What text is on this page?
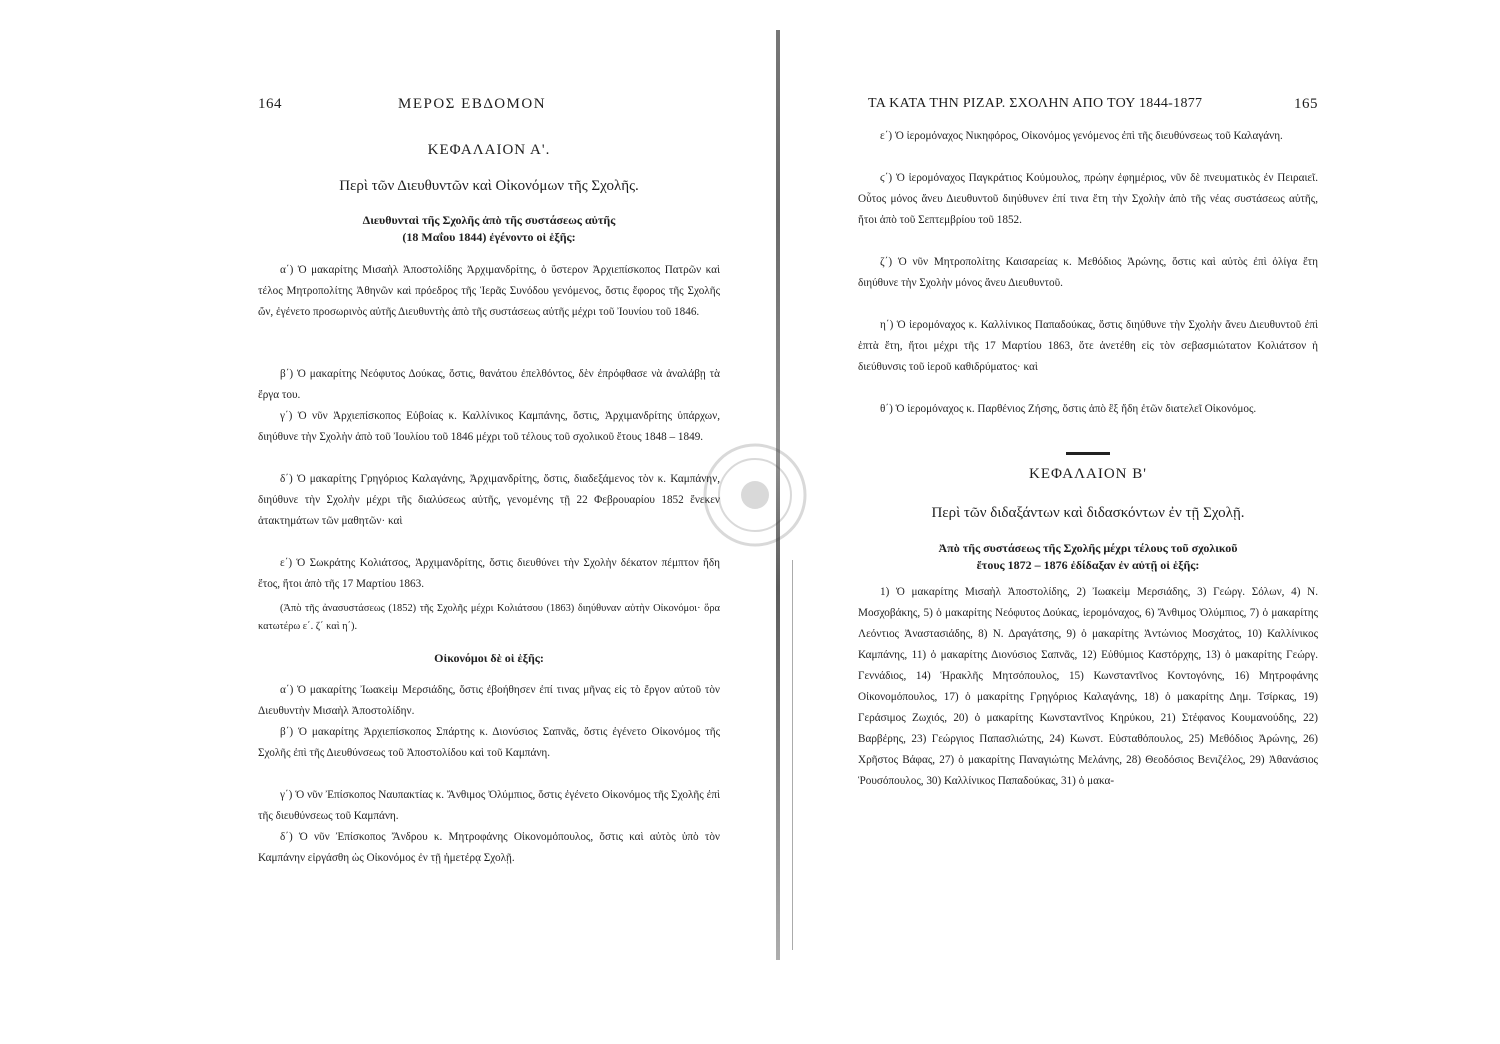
164	ΜΕΡΟΣ ΕΒΔΟΜΟΝ
ΚΕΦΑΛΑΙΟΝ Α'.
Περὶ τῶν Διευθυντῶν καὶ Οἰκονόμων τῆς Σχολῆς.
Διευθυνταὶ τῆς Σχολῆς ἀπὸ τῆς συστάσεως αὐτῆς
(18 Μαΐου 1844) ἐγένοντο οἱ ἑξῆς:
α΄) Ὁ μακαρίτης Μισαὴλ Ἀποστολίδης Ἀρχιμανδρίτης, ὁ ὕστερον Ἀρχιεπίσκοπος Πατρῶν καὶ τέλος Μητροπολίτης Ἀθηνῶν καὶ πρόεδρος τῆς Ἱερᾶς Συνόδου γενόμενος, ὅστις ἔφορος τῆς Σχολῆς ὤν, ἐγένετο προσωρινὸς αὐτῆς Διευθυντὴς ἀπὸ τῆς συστάσεως αὐτῆς μέχρι τοῦ Ἰουνίου τοῦ 1846.
β΄) Ὁ μακαρίτης Νεόφυτος Δούκας, ὅστις, θανάτου ἐπελθόντος, δὲν ἐπρόφθασε νὰ ἀναλάβῃ τὰ ἔργα του.
γ΄) Ὁ νῦν Ἀρχιεπίσκοπος Εὐβοίας κ. Καλλίνικος Καμπάνης, ὅστις, Ἀρχιμανδρίτης ὑπάρχων, διηύθυνε τὴν Σχολὴν ἀπὸ τοῦ Ἰουλίου τοῦ 1846 μέχρι τοῦ τέλους τοῦ σχολικοῦ ἔτους 1848 – 1849.
δ΄) Ὁ μακαρίτης Γρηγόριος Καλαγάνης, Ἀρχιμανδρίτης, ὅστις, διαδεξάμενος τὸν κ. Καμπάνην, διηύθυνε τὴν Σχολὴν μέχρι τῆς διαλύσεως αὐτῆς, γενομένης τῇ 22 Φεβρουαρίου 1852 ἕνεκεν ἀτακτημάτων τῶν μαθητῶν· καὶ
ε΄) Ὁ Σωκράτης Κολιάτσος, Ἀρχιμανδρίτης, ὅστις διευθύνει τὴν Σχολὴν δέκατον πέμπτον ἤδη ἔτος, ἤτοι ἀπὸ τῆς 17 Μαρτίου 1863.
(Ἀπὸ τῆς ἀνασυστάσεως (1852) τῆς Σχολῆς μέχρι Κολιάτσου (1863) διηύθυναν αὐτὴν Οἰκονόμοι· ὅρα κατωτέρω ε΄. ζ΄ καὶ η΄).
Οἰκονόμοι δὲ οἱ ἑξῆς:
α΄) Ὁ μακαρίτης Ἰωακεὶμ Μερσιάδης, ὅστις ἐβοήθησεν ἐπί τινας μῆνας εἰς τὸ ἔργον αὐτοῦ τὸν Διευθυντὴν Μισαὴλ Ἀποστολίδην.
β΄) Ὁ μακαρίτης Ἀρχιεπίσκοπος Σπάρτης κ. Διονύσιος Σαπνᾶς, ὅστις ἐγένετο Οἰκονόμος τῆς Σχολῆς ἐπὶ τῆς Διευθύνσεως τοῦ Ἀποστολίδου καὶ τοῦ Καμπάνη.
γ΄) Ὁ νῦν Ἐπίσκοπος Ναυπακτίας κ. Ἄνθιμος Ὀλύμπιος, ὅστις ἐγένετο Οἰκονόμος τῆς Σχολῆς ἐπὶ τῆς διευθύνσεως τοῦ Καμπάνη.
δ΄) Ὁ νῦν Ἐπίσκοπος Ἄνδρου κ. Μητροφάνης Οἰκονομόπουλος, ὅστις καὶ αὐτὸς ὑπὸ τὸν Καμπάνην εἰργάσθη ὡς Οἰκονόμος ἐν τῇ ἡμετέρᾳ Σχολῇ.
ΤΑ ΚΑΤΑ ΤΗΝ ΡΙΖΑΡ. ΣΧΟΛΗΝ ΑΠΟ ΤΟΥ 1844-1877	165
ε΄) Ὁ ἱερομόναχος Νικηφόρος, Οἰκονόμος γενόμενος ἐπὶ τῆς διευθύνσεως τοῦ Καλαγάνη.
ϛ΄) Ὁ ἱερομόναχος Παγκράτιος Κούμουλος, πρώην ἐφημέριος, νῦν δὲ πνευματικὸς ἐν Πειραιεῖ. Οὗτος μόνος ἄνευ Διευθυντοῦ διηύθυνεν ἐπί τινα ἔτη τὴν Σχολὴν ἀπὸ τῆς νέας συστάσεως αὐτῆς, ἤτοι ἀπὸ τοῦ Σεπτεμβρίου τοῦ 1852.
ζ΄) Ὁ νῦν Μητροπολίτης Καισαρείας κ. Μεθόδιος Ἀρώνης, ὅστις καὶ αὐτὸς ἐπὶ ὀλίγα ἔτη διηύθυνε τὴν Σχολὴν μόνος ἄνευ Διευθυντοῦ.
η΄) Ὁ ἱερομόναχος κ. Καλλίνικος Παπαδούκας, ὅστις διηύθυνε τὴν Σχολὴν ἄνευ Διευθυντοῦ ἐπὶ ἑπτὰ ἔτη, ἤτοι μέχρι τῆς 17 Μαρτίου 1863, ὅτε ἀνετέθη εἰς τὸν σεβασμιώτατον Κολιάτσον ἡ διεύθυνσις τοῦ ἱεροῦ καθιδρύματος· καὶ
θ΄) Ὁ ἱερομόναχος κ. Παρθένιος Ζήσης, ὅστις ἀπὸ ἓξ ἤδη ἐτῶν διατελεῖ Οἰκονόμος.
ΚΕΦΑΛΑΙΟΝ Β'
Περὶ τῶν διδαξάντων καὶ διδασκόντων ἐν τῇ Σχολῇ.
Ἀπὸ τῆς συστάσεως τῆς Σχολῆς μέχρι τέλους τοῦ σχολικοῦ
ἔτους 1872 – 1876 ἐδίδαξαν ἐν αὐτῇ οἱ ἑξῆς:
1) Ὁ μακαρίτης Μισαὴλ Ἀποστολίδης, 2) Ἰωακεὶμ Μερσιάδης, 3) Γεώργ. Σόλων, 4) Ν. Μοσχοβάκης, 5) ὁ μακαρίτης Νεόφυτος Δούκας, ἱερομόναχος, 6) Ἄνθιμος Ὀλύμπιος, 7) ὁ μακαρίτης Λεόντιος Ἀναστασιάδης, 8) Ν. Δραγάτσης, 9) ὁ μακαρίτης Ἀντώνιος Μοσχάτος, 10) Καλλίνικος Καμπάνης, 11) ὁ μακαρίτης Διονύσιος Σαπνᾶς, 12) Εὐθύμιος Καστόρχης, 13) ὁ μακαρίτης Γεώργ. Γεννάδιος, 14) Ἡρακλῆς Μητσόπουλος, 15) Κωνσταντῖνος Κοντογόνης, 16) Μητροφάνης Οἰκονομόπουλος, 17) ὁ μακαρίτης Γρηγόριος Καλαγάνης, 18) ὁ μακαρίτης Δημ. Τσίρκας, 19) Γεράσιμος Ζωχιός, 20) ὁ μακαρίτης Κωνσταντῖνος Κηρύκου, 21) Στέφανος Κουμανούδης, 22) Βαρβέρης, 23) Γεώργιος Παπασλιώτης, 24) Κωνστ. Εὐσταθόπουλος, 25) Μεθόδιος Ἀρώνης, 26) Χρῆστος Βάφας, 27) ὁ μακαρίτης Παναγιώτης Μελάνης, 28) Θεοδόσιος Βενιζέλος, 29) Ἀθανάσιος Ῥουσόπουλος, 30) Καλλίνικος Παπαδούκας, 31) ὁ μακα-
